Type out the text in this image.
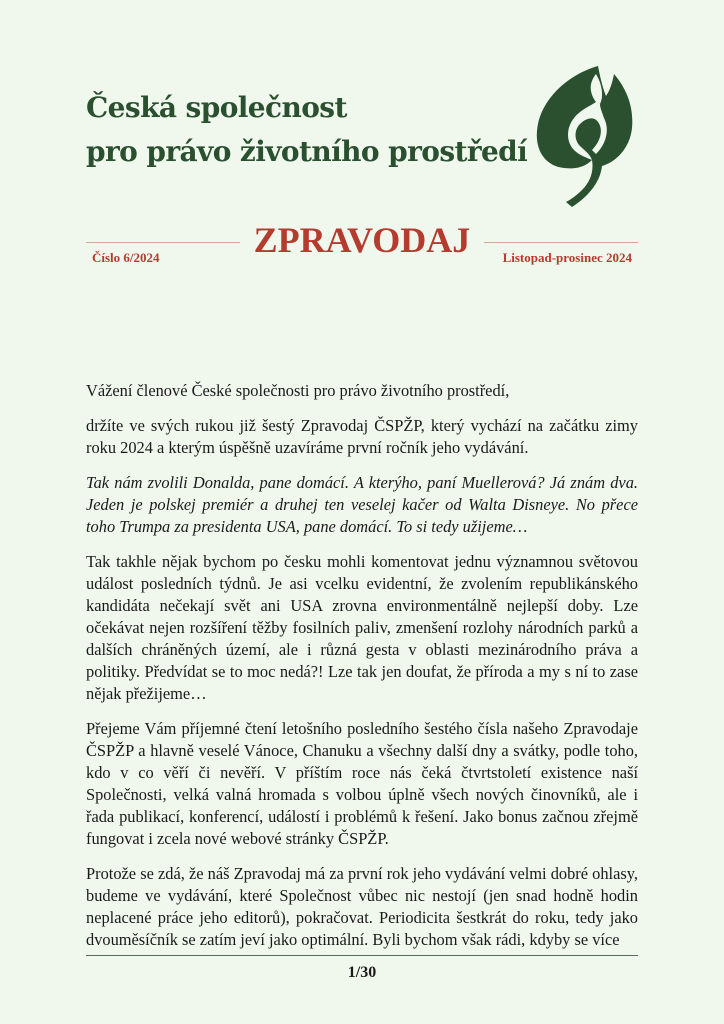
Česká společnost
pro právo životního prostředí
ZPRAVODAJ
Číslo 6/2024	Listopad-prosinec 2024

Vážení členové České společnosti pro právo životního prostředí,

držíte ve svých rukou již šestý Zpravodaj ČSPŽP, který vychází na začátku zimy roku 2024 a kterým úspěšně uzavíráme první ročník jeho vydávání.

Tak nám zvolili Donalda, pane domácí. A kterýho, paní Muellerová? Já znám dva. Jeden je polskej premiér a druhej ten veselej kačer od Walta Disneye. No přece toho Trumpa za presidenta USA, pane domácí. To si tedy užijeme…

Tak takhle nějak bychom po česku mohli komentovat jednu významnou světovou událost posledních týdnů. Je asi vcelku evidentní, že zvolením republikánského kandidáta nečekají svět ani USA zrovna environmentálně nejlepší doby. Lze očekávat nejen rozšíření těžby fosilních paliv, zmenšení rozlohy národních parků a dalších chráněných území, ale i různá gesta v oblasti mezinárodního práva a politiky. Předvídat se to moc nedá?! Lze tak jen doufat, že příroda a my s ní to zase nějak přežijeme…

Přejeme Vám příjemné čtení letošního posledního šestého čísla našeho Zpravodaje ČSPŽP a hlavně veselé Vánoce, Chanuku a všechny další dny a svátky, podle toho, kdo v co věří či nevěří. V příštím roce nás čeká čtvrtstoletí existence naší Společnosti, velká valná hromada s volbou úplně všech nových činovníků, ale i řada publikací, konferencí, událostí i problémů k řešení. Jako bonus začnou zřejmě fungovat i zcela nové webové stránky ČSPŽP.

Protože se zdá, že náš Zpravodaj má za první rok jeho vydávání velmi dobré ohlasy, budeme ve vydávání, které Společnost vůbec nic nestojí (jen snad hodně hodin neplacené práce jeho editorů), pokračovat. Periodicita šestkrát do roku, tedy jako dvouměsíčník se zatím jeví jako optimální. Byli bychom však rádi, kdyby se více

1/30
